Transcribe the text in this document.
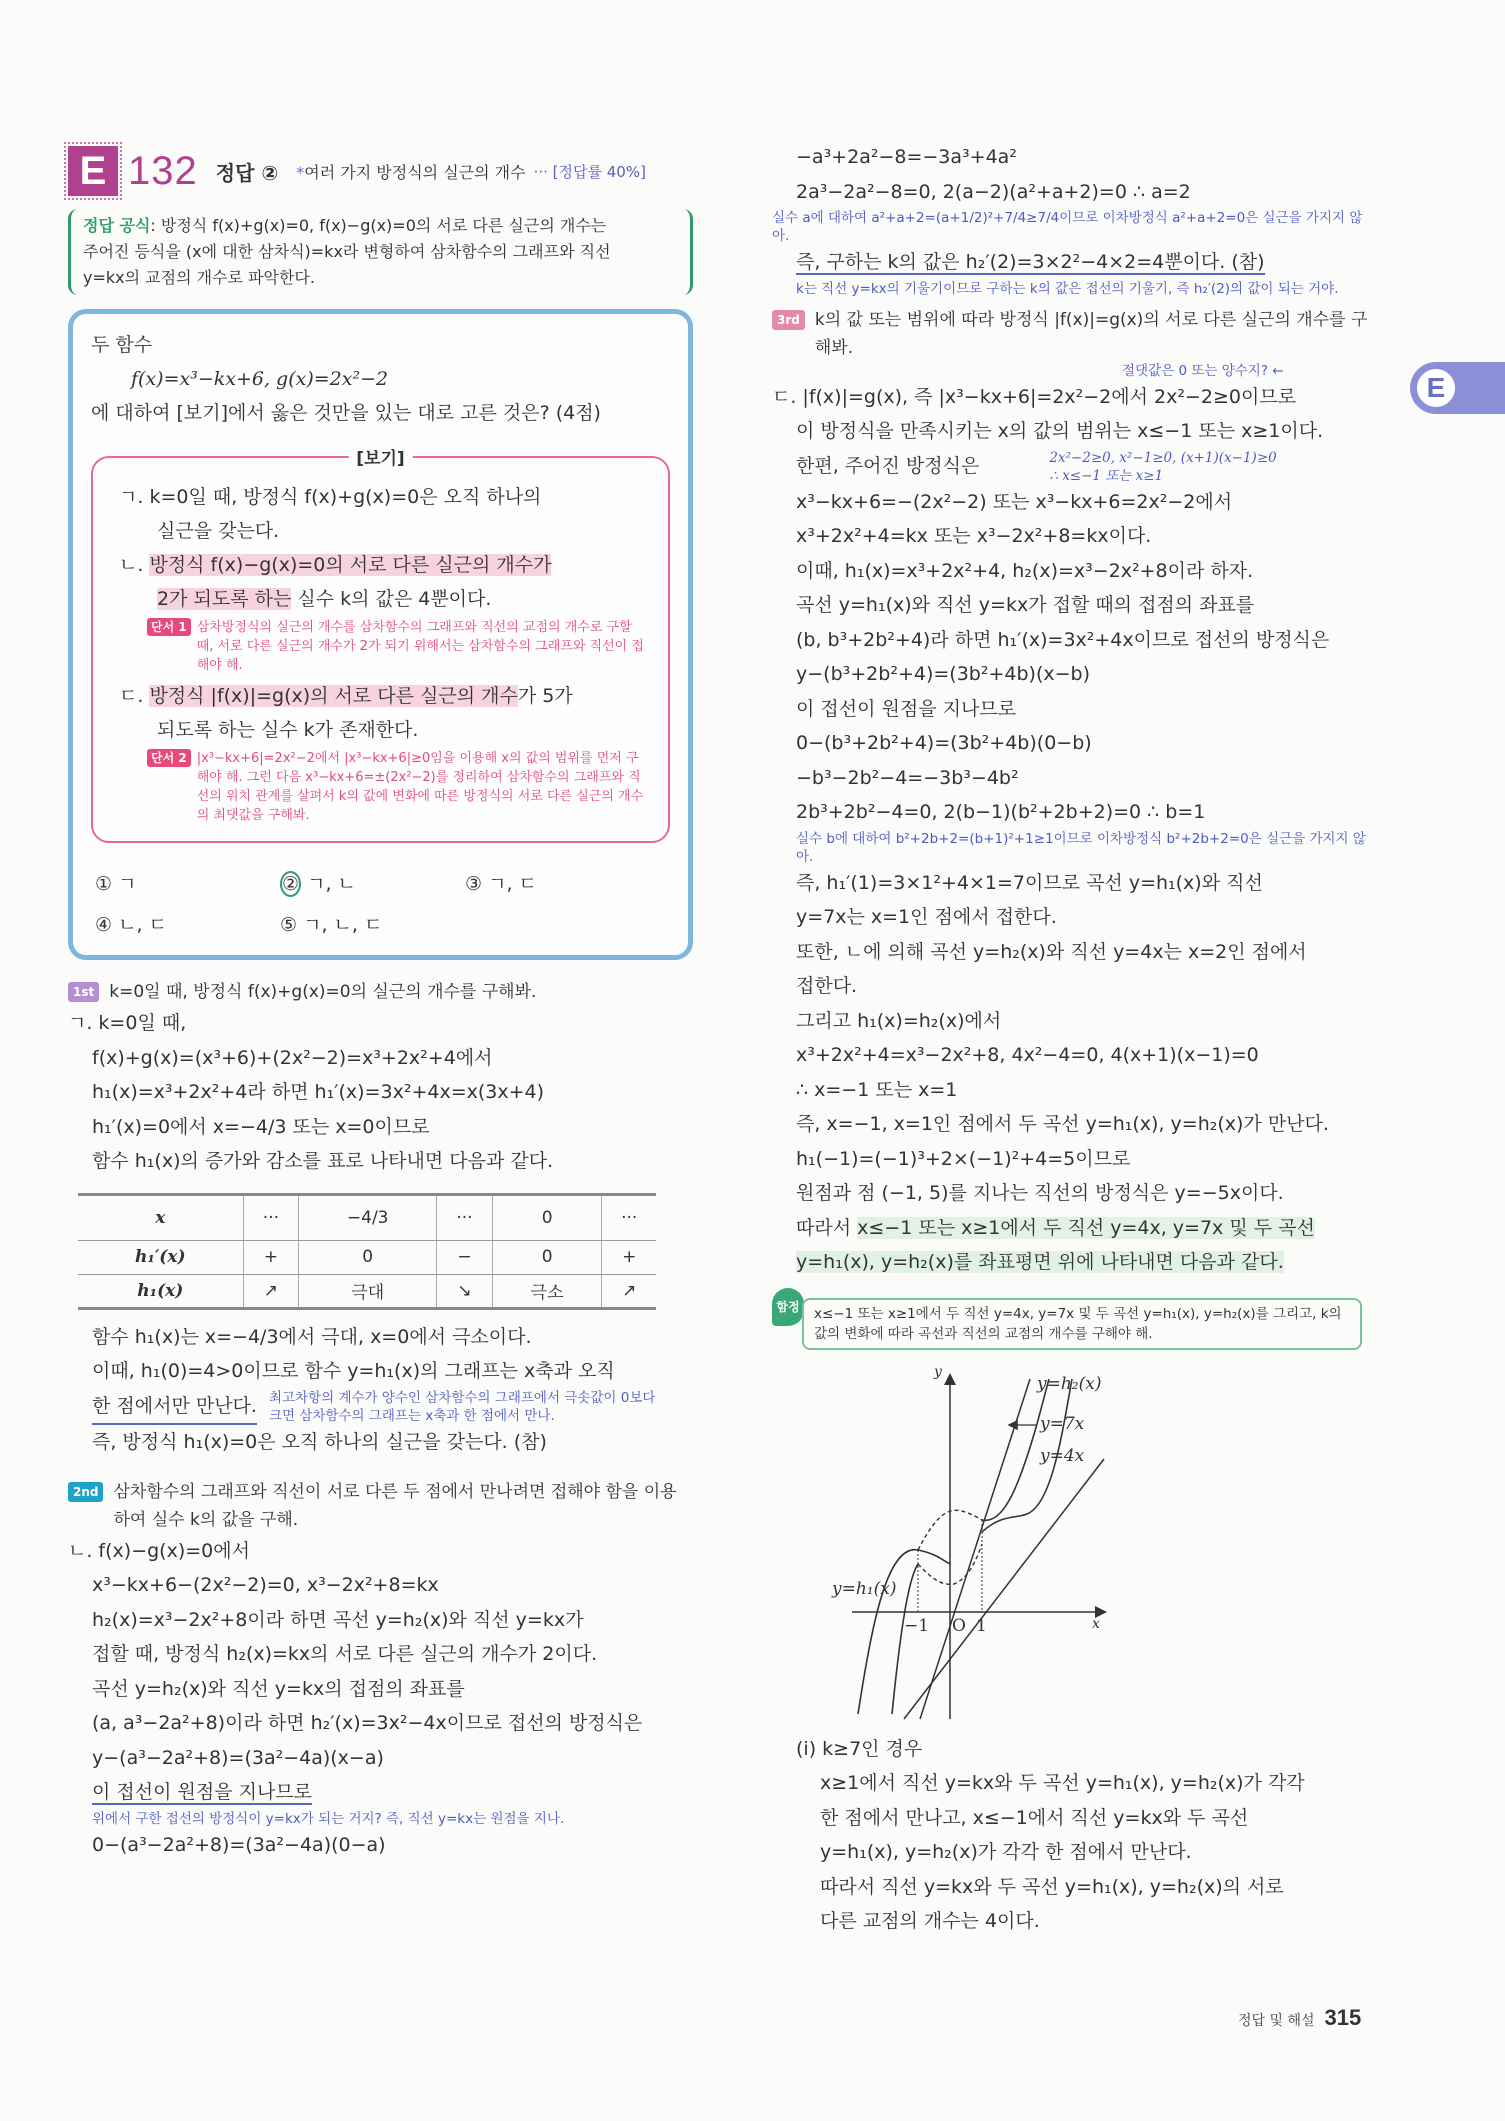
E
E 132 정답 ② *여러 가지 방정식의 실근의 개수 ··· [정답률 40%]
정답 공식: 방정식 f(x)+g(x)=0, f(x)−g(x)=0의 서로 다른 실근의 개수는
주어진 등식을 (x에 대한 삼차식)=kx라 변형하여 삼차함수의 그래프와 직선
y=kx의 교점의 개수로 파악한다.

두 함수

f(x)=x³−kx+6, g(x)=2x²−2

에 대하여 [보기]에서 옳은 것만을 있는 대로 고른 것은? (4점)

[보기]
ㄱ. k=0일 때, 방정식 f(x)+g(x)=0은 오직 하나의
실근을 갖는다.
ㄴ. 방정식 f(x)−g(x)=0의 서로 다른 실근의 개수가
2가 되도록 하는 실수 k의 값은 4뿐이다.
단서 1 삼차방정식의 실근의 개수를 삼차함수의 그래프와 직선의 교점의 개수로 구할 때, 서로 다른 실근의 개수가 2가 되기 위해서는 삼차함수의 그래프와 직선이 접해야 해.
ㄷ. 방정식 |f(x)|=g(x)의 서로 다른 실근의 개수가 5가
되도록 하는 실수 k가 존재한다.
단서 2 |x³−kx+6|=2x²−2에서 |x³−kx+6|≥0임을 이용해 x의 값의 범위를 먼저 구해야 해. 그런 다음 x³−kx+6=±(2x²−2)를 정리하여 삼차함수의 그래프와 직선의 위치 관계를 살펴서 k의 값에 변화에 따른 방정식의 서로 다른 실근의 개수의 최댓값을 구해봐.
① ㄱ	② ㄱ, ㄴ	③ ㄱ, ㄷ
④ ㄴ, ㄷ	⑤ ㄱ, ㄴ, ㄷ
1st k=0일 때, 방정식 f(x)+g(x)=0의 실근의 개수를 구해봐.
ㄱ. k=0일 때,
f(x)+g(x)=(x³+6)+(2x²−2)=x³+2x²+4에서
h₁(x)=x³+2x²+4라 하면 h₁′(x)=3x²+4x=x(3x+4)
h₁′(x)=0에서 x=−4/3 또는 x=0이므로
함수 h₁(x)의 증가와 감소를 표로 나타내면 다음과 같다.
x	···	−4/3	···	0	···
h₁′(x)	+	0	−	0	+
h₁(x)	↗	극대	↘	극소	↗
함수 h₁(x)는 x=−4/3에서 극대, x=0에서 극소이다.
이때, h₁(0)=4>0이므로 함수 y=h₁(x)의 그래프는 x축과 오직
한 점에서만 만난다. 최고차항의 계수가 양수인 삼차함수의 그래프에서 극솟값이 0보다 크면 삼차함수의 그래프는 x축과 한 점에서 만나.
즉, 방정식 h₁(x)=0은 오직 하나의 실근을 갖는다. (참)
2nd 삼차함수의 그래프와 직선이 서로 다른 두 점에서 만나려면 접해야 함을 이용하여 실수 k의 값을 구해.
ㄴ. f(x)−g(x)=0에서
x³−kx+6−(2x²−2)=0, x³−2x²+8=kx
h₂(x)=x³−2x²+8이라 하면 곡선 y=h₂(x)와 직선 y=kx가
접할 때, 방정식 h₂(x)=kx의 서로 다른 실근의 개수가 2이다.
곡선 y=h₂(x)와 직선 y=kx의 접점의 좌표를
(a, a³−2a²+8)이라 하면 h₂′(x)=3x²−4x이므로 접선의 방정식은
y−(a³−2a²+8)=(3a²−4a)(x−a)
이 접선이 원점을 지나므로
위에서 구한 접선의 방정식이 y=kx가 되는 거지? 즉, 직선 y=kx는 원점을 지나.
0−(a³−2a²+8)=(3a²−4a)(0−a)
−a³+2a²−8=−3a³+4a²
2a³−2a²−8=0, 2(a−2)(a²+a+2)=0 ∴ a=2
실수 a에 대하여 a²+a+2=(a+1/2)²+7/4≥7/4이므로 이차방정식 a²+a+2=0은 실근을 가지지 않아.
즉, 구하는 k의 값은 h₂′(2)=3×2²−4×2=4뿐이다. (참)
k는 직선 y=kx의 기울기이므로 구하는 k의 값은 접선의 기울기, 즉 h₂′(2)의 값이 되는 거야.
3rd k의 값 또는 범위에 따라 방정식 |f(x)|=g(x)의 서로 다른 실근의 개수를 구해봐.
절댓값은 0 또는 양수지? ←
ㄷ. |f(x)|=g(x), 즉 |x³−kx+6|=2x²−2에서 2x²−2≥0이므로
이 방정식을 만족시키는 x의 값의 범위는 x≤−1 또는 x≥1이다.
한편, 주어진 방정식은	2x²−2≥0, x²−1≥0, (x+1)(x−1)≥0
∴ x≤−1 또는 x≥1
x³−kx+6=−(2x²−2) 또는 x³−kx+6=2x²−2에서
x³+2x²+4=kx 또는 x³−2x²+8=kx이다.
이때, h₁(x)=x³+2x²+4, h₂(x)=x³−2x²+8이라 하자.
곡선 y=h₁(x)와 직선 y=kx가 접할 때의 접점의 좌표를
(b, b³+2b²+4)라 하면 h₁′(x)=3x²+4x이므로 접선의 방정식은
y−(b³+2b²+4)=(3b²+4b)(x−b)
이 접선이 원점을 지나므로
0−(b³+2b²+4)=(3b²+4b)(0−b)
−b³−2b²−4=−3b³−4b²
2b³+2b²−4=0, 2(b−1)(b²+2b+2)=0 ∴ b=1
실수 b에 대하여 b²+2b+2=(b+1)²+1≥1이므로 이차방정식 b²+2b+2=0은 실근을 가지지 않아.
즉, h₁′(1)=3×1²+4×1=7이므로 곡선 y=h₁(x)와 직선
y=7x는 x=1인 점에서 접한다.
또한, ㄴ에 의해 곡선 y=h₂(x)와 직선 y=4x는 x=2인 점에서
접한다.
그리고 h₁(x)=h₂(x)에서
x³+2x²+4=x³−2x²+8, 4x²−4=0, 4(x+1)(x−1)=0
∴ x=−1 또는 x=1
즉, x=−1, x=1인 점에서 두 곡선 y=h₁(x), y=h₂(x)가 만난다.
h₁(−1)=(−1)³+2×(−1)²+4=5이므로
원점과 점 (−1, 5)를 지나는 직선의 방정식은 y=−5x이다.
따라서 x≤−1 또는 x≥1에서 두 직선 y=4x, y=7x 및 두 곡선
y=h₁(x), y=h₂(x)를 좌표평면 위에 나타내면 다음과 같다.
함정	x≤−1 또는 x≥1에서 두 직선 y=4x, y=7x 및 두 곡선 y=h₁(x), y=h₂(x)를 그리고, k의 값의 변화에 따라 곡선과 직선의 교점의 개수를 구해야 해.
y=h₂(x)
y=7x
y=4x
y=h₁(x)
y
x
−1 O 1
(i) k≥7인 경우
x≥1에서 직선 y=kx와 두 곡선 y=h₁(x), y=h₂(x)가 각각
한 점에서 만나고, x≤−1에서 직선 y=kx와 두 곡선
y=h₁(x), y=h₂(x)가 각각 한 점에서 만난다.
따라서 직선 y=kx와 두 곡선 y=h₁(x), y=h₂(x)의 서로
다른 교점의 개수는 4이다.
정답 및 해설 315
